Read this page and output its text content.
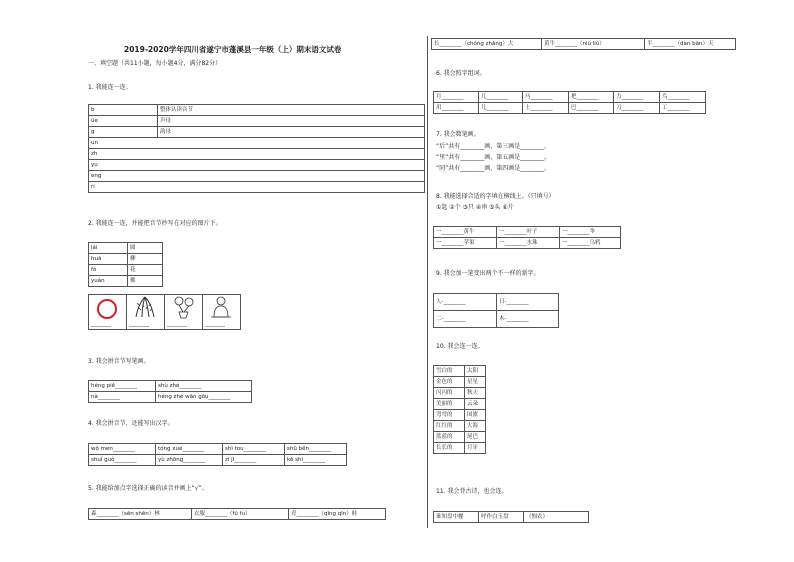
2019-2020学年四川省遂宁市蓬溪县一年级（上）期末语文试卷
一、填空题（共11小题，每小题4分，满分82分）
1. 我能连一连。
b	整体认读音节
üe	声母
g	韵母
un	
zh	
yu	
eng	
ri	
2. 我能连一连，并能把音节抄写在对应的图片下。
lái	圆
huā	柳
fó	花
yuán	佛
________	________	________	________
3. 我会拼音节写笔画。
héng piě________	shù zhé________
nà________	héng zhé wān gōu________
4. 我会拼音节，还能写出汉字。
wǒ men________	tóng xué________	shì tou________	shū běn________
shuǐ guǒ________	yù zhōng________	zì jǐ________	kě shì________
5. 我能给加点字选择正确的读音并画上“√”。
森________（sēn shēn）林	衣服________（fú fu）	青________（qīng qīn）蛙
长________（chóng zhǎng）大	黄牛________（niú liú）	半________（dàn bàn）天
6. 我会照字组词。
月________	几________	马________	把________	力________	鸟________
用________	儿________	土________	巴________	刀________	工________
7. 我会数笔画。
“后”共有________画，第三画是________。
“里”共有________画，第五画是________。
“同”共有________画，第四画是________。
8. 我能选择合适的字填在横线上。（只填号）
①匙 ②个 ③只 ④串 ⑤头 ⑥片
一________黄牛	一________叶子	一________伞
一________苹果	一________水珠	一________乌鸦
9. 我会加一笔变出两个不一样的新字。
人-________	日-________
二-________	木-________
10. 我会连一连。
雪白的	太阳
金色的	星星
闪闪的	秋天
美丽的	云朵
弯弯的	国旗
红红的	大海
蓝蓝的	尾巴
长长的	月牙
11. 我会背古诗，也会连。
谁知盘中餐	呼作白玉盘	《悯农》
